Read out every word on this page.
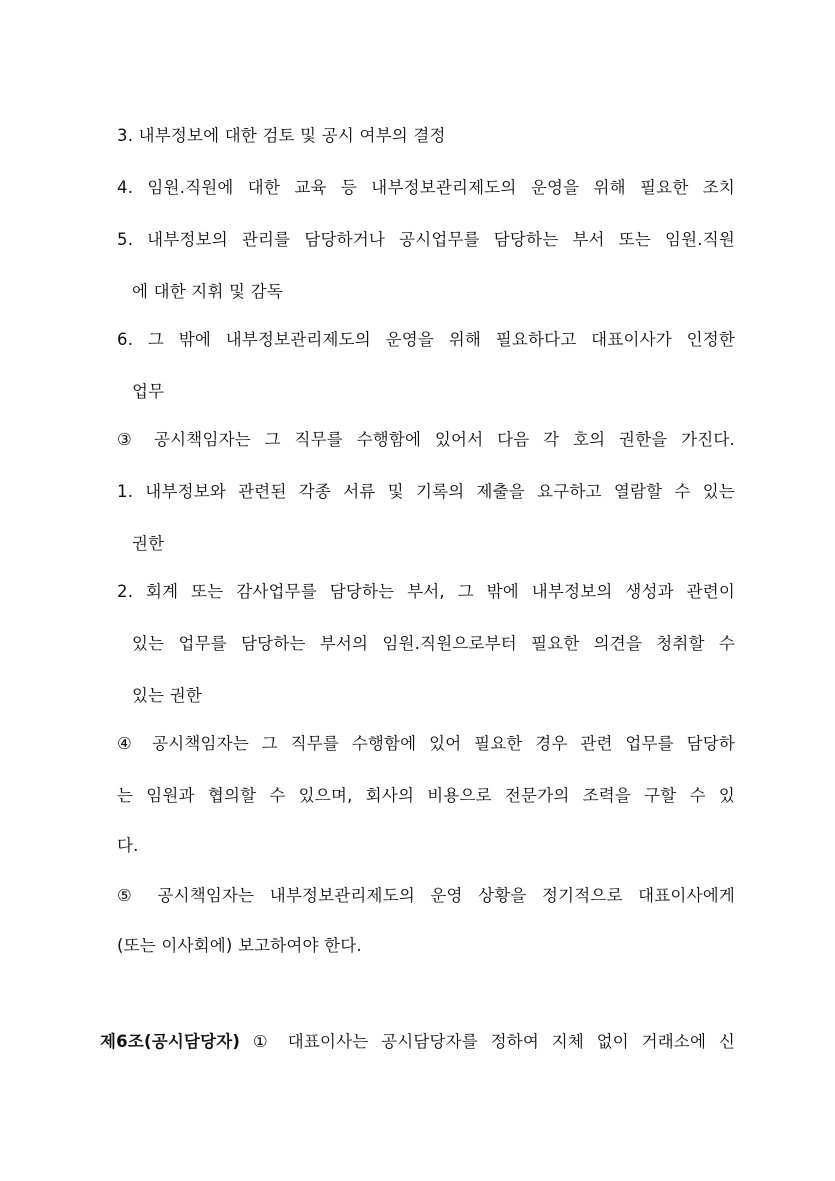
3. 내부정보에 대한 검토 및 공시 여부의 결정
4. 임원.직원에 대한 교육 등 내부정보관리제도의 운영을 위해 필요한 조치
5. 내부정보의 관리를 담당하거나 공시업무를 담당하는 부서 또는 임원.직원
에 대한 지휘 및 감독
6. 그 밖에 내부정보관리제도의 운영을 위해 필요하다고 대표이사가 인정한
업무
③ 공시책임자는 그 직무를 수행함에 있어서 다음 각 호의 권한을 가진다.
1. 내부정보와 관련된 각종 서류 및 기록의 제출을 요구하고 열람할 수 있는
권한
2. 회계 또는 감사업무를 담당하는 부서, 그 밖에 내부정보의 생성과 관련이
있는 업무를 담당하는 부서의 임원.직원으로부터 필요한 의견을 청취할 수
있는 권한
④ 공시책임자는 그 직무를 수행함에 있어 필요한 경우 관련 업무를 담당하
는 임원과 협의할 수 있으며, 회사의 비용으로 전문가의 조력을 구할 수 있
다.
⑤ 공시책임자는 내부정보관리제도의 운영 상황을 정기적으로 대표이사에게
(또는 이사회에) 보고하여야 한다.
제6조(공시담당자) ① 대표이사는 공시담당자를 정하여 지체 없이 거래소에 신
